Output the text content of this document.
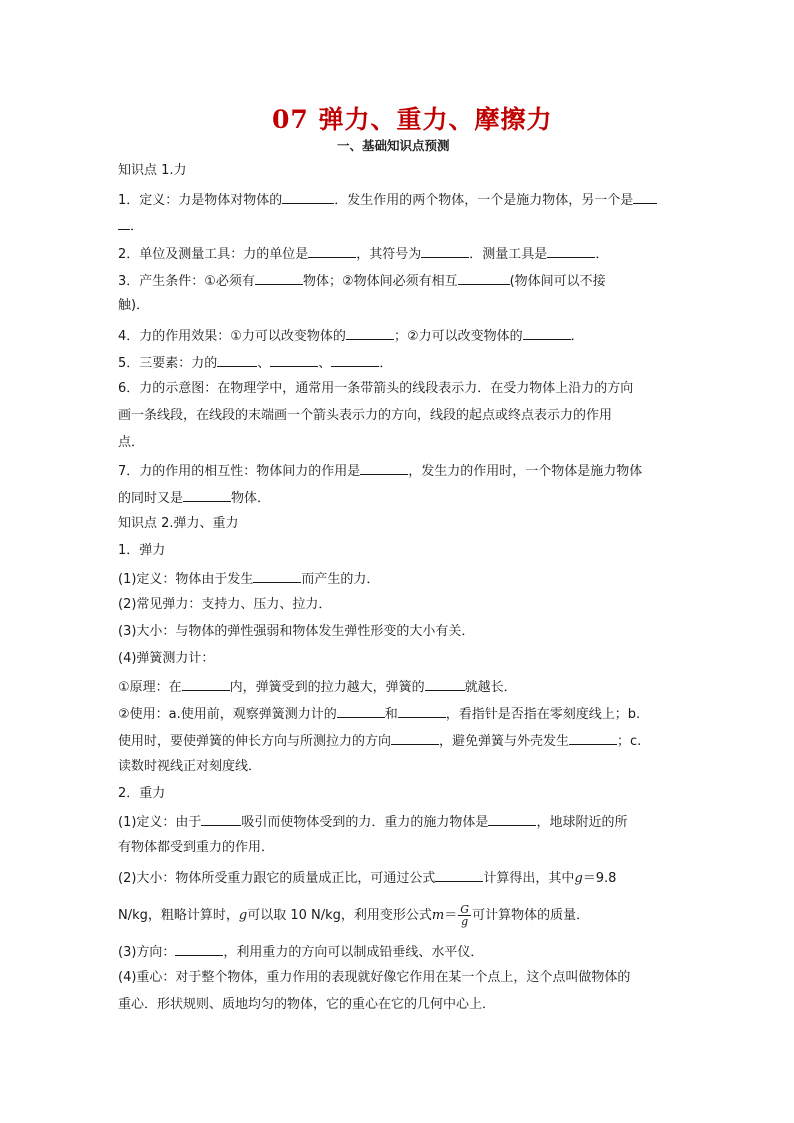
07 弹力、重力、摩擦力
一、基础知识点预测
知识点 1.力
1．定义：力是物体对物体的	．发生作用的两个物体，一个是施力物体，另一个是
．
2．单位及测量工具：力的单位是	，其符号为	．测量工具是	．
3．产生条件：①必须有	物体；②物体间必须有相互	(物体间可以不接
触)．
4．力的作用效果：①力可以改变物体的	；②力可以改变物体的	．
5．三要素：力的	、	、	．
6．力的示意图：在物理学中，通常用一条带箭头的线段表示力．在受力物体上沿力的方向
画一条线段，在线段的末端画一个箭头表示力的方向，线段的起点或终点表示力的作用
点．
7．力的作用的相互性：物体间力的作用是	，发生力的作用时，一个物体是施力物体
的同时又是	物体．
知识点 2.弹力、重力
1．弹力
(1)定义：物体由于发生	而产生的力．
(2)常见弹力：支持力、压力、拉力．
(3)大小：与物体的弹性强弱和物体发生弹性形变的大小有关．
(4)弹簧测力计：
①原理：在	内，弹簧受到的拉力越大，弹簧的	就越长．
②使用：a.使用前，观察弹簧测力计的	和	，看指针是否指在零刻度线上；b.
使用时，要使弹簧的伸长方向与所测拉力的方向	，避免弹簧与外壳发生	；c.
读数时视线正对刻度线．
2．重力
(1)定义：由于	吸引而使物体受到的力．重力的施力物体是	，地球附近的所
有物体都受到重力的作用．
(2)大小：物体所受重力跟它的质量成正比，可通过公式	计算得出，其中g＝9.8
N/kg，粗略计算时，g可以取 10 N/kg，利用变形公式$m= \frac{G}{g}$ 可计算物体的质量．
(3)方向：	，利用重力的方向可以制成铅垂线、水平仪．
(4)重心：对于整个物体，重力作用的表现就好像它作用在某一个点上，这个点叫做物体的
重心．形状规则、质地均匀的物体，它的重心在它的几何中心上．
